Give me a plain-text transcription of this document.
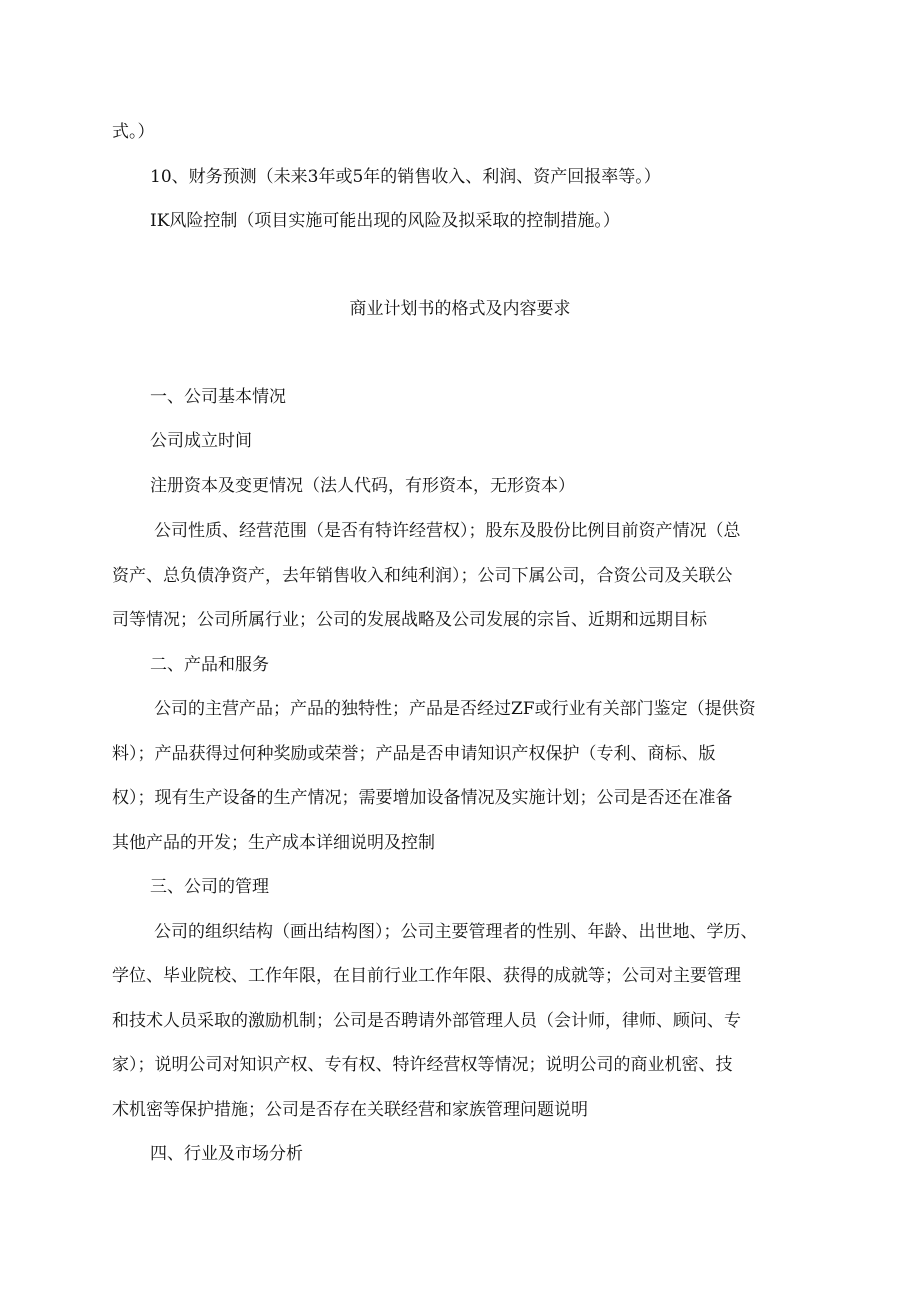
式。）
10、财务预测（未来3年或5年的销售收入、利润、资产回报率等。）
IK风险控制（项目实施可能出现的风险及拟采取的控制措施。）
商业计划书的格式及内容要求
一、公司基本情况
公司成立时间
注册资本及变更情况（法人代码，有形资本，无形资本）
公司性质、经营范围（是否有特许经营权）；股东及股份比例目前资产情况（总
资产、总负债净资产，去年销售收入和纯利润）；公司下属公司，合资公司及关联公
司等情况；公司所属行业；公司的发展战略及公司发展的宗旨、近期和远期目标
二、产品和服务
公司的主营产品；产品的独特性；产品是否经过ZF或行业有关部门鉴定（提供资
料）；产品获得过何种奖励或荣誉；产品是否申请知识产权保护（专利、商标、版
权）；现有生产设备的生产情况；需要增加设备情况及实施计划；公司是否还在准备
其他产品的开发；生产成本详细说明及控制
三、公司的管理
公司的组织结构（画出结构图）；公司主要管理者的性别、年龄、出世地、学历、
学位、毕业院校、工作年限，在目前行业工作年限、获得的成就等；公司对主要管理
和技术人员采取的激励机制；公司是否聘请外部管理人员（会计师，律师、顾问、专
家）；说明公司对知识产权、专有权、特许经营权等情况；说明公司的商业机密、技
术机密等保护措施；公司是否存在关联经营和家族管理问题说明
四、行业及市场分析
